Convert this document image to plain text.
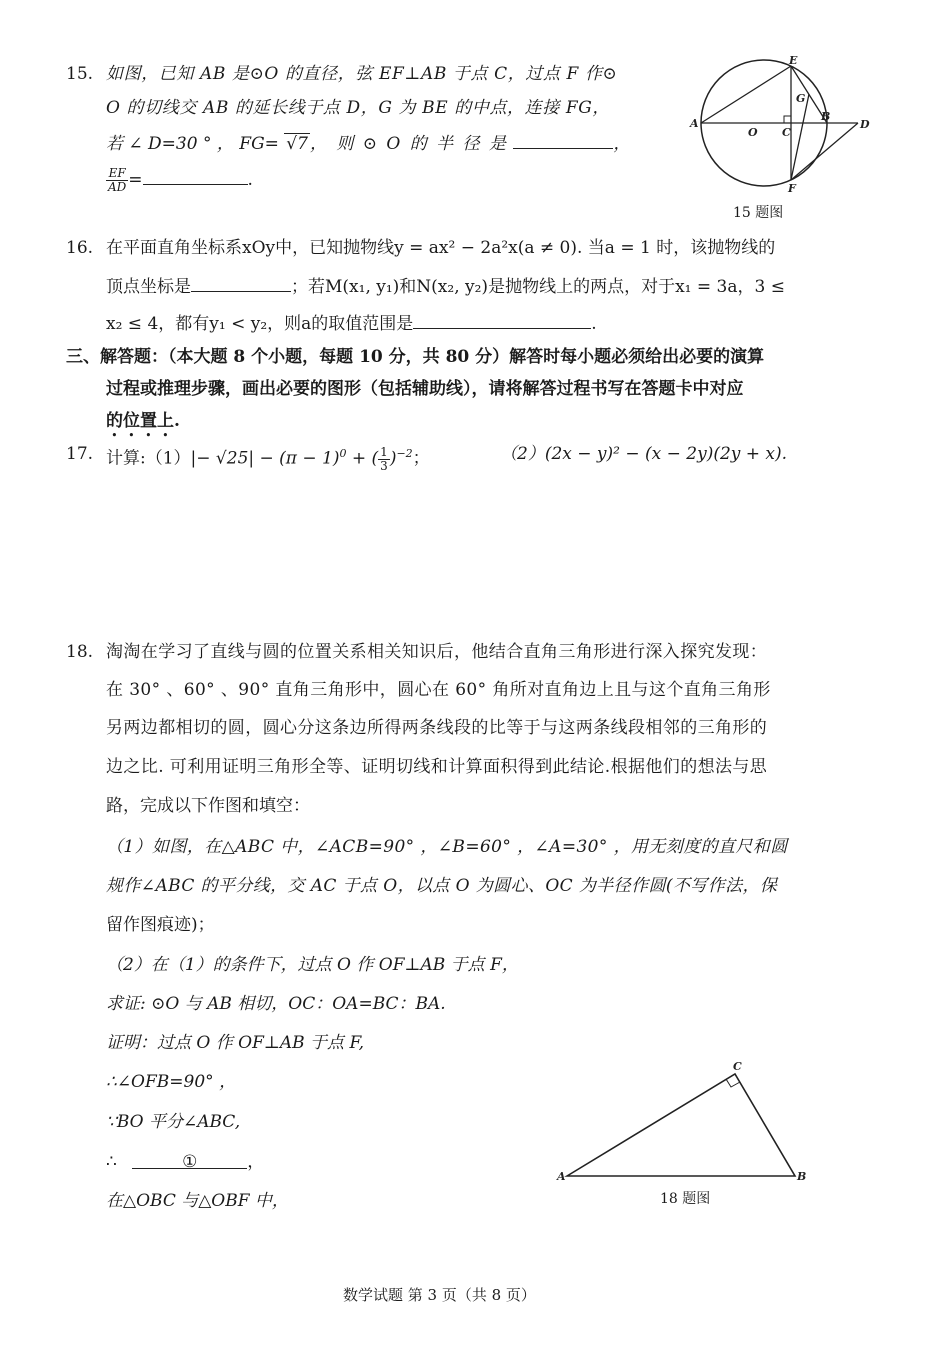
15. 如图，已知 AB 是⊙O 的直径，弦 EF⊥AB 于点 C，过点 F 作⊙
O 的切线交 AB 的延长线于点 D，G 为 BE 的中点，连接 FG，
若 ∠ D=30 ° ， FG= √7 ， 则 ⊙ O 的 半 径 是	，
$\frac{EF}{AD}$ =	.
A
O C
B
D
E
F
G
15 题图
16. 在平面直角坐标系xOy中，已知抛物线y = ax² − 2a²x(a ≠ 0). 当a = 1 时，该抛物线的
顶点坐标是	；若M(x₁, y₁)和N(x₂, y₂)是抛物线上的两点，对于x₁ = 3a，3 ≤
x₂ ≤ 4，都有y₁ < y₂，则a的取值范围是	.
三、解答题：（本大题 8 个小题，每题 10 分，共 80 分）解答时每小题必须给出必要的演算
过程或推理步骤，画出必要的图形（包括辅助线），请将解答过程书写在答题卡中对应
的位置上.
17. 计算:（1）|− $√25| - (\pi - 1)^0$ + ( $\frac{1}{3} )^{-2}$；	（2）(2x − y)² − (x − 2y)(2y + x).
18. 淘淘在学习了直线与圆的位置关系相关知识后，他结合直角三角形进行深入探究发现：
在 30° 、60° 、90° 直角三角形中，圆心在 60° 角所对直角边上且与这个直角三角形
另两边都相切的圆，圆心分这条边所得两条线段的比等于与这两条线段相邻的三角形的
边之比. 可利用证明三角形全等、证明切线和计算面积得到此结论.根据他们的想法与思
路，完成以下作图和填空：
（1）如图，在△ABC 中，∠ACB=90° ，∠B=60° ，∠A=30° ，用无刻度的直尺和圆
规作∠ABC 的平分线，交 AC 于点 O，以点 O 为圆心、OC 为半径作圆(不写作法，保
留作图痕迹)；
（2）在（1）的条件下，过点 O 作 OF⊥AB 于点 F，
求证: ⊙O 与 AB 相切，OC：OA=BC：BA.
证明：过点 O 作 OF⊥AB 于点 F,
∴∠OFB=90° ，
∵BO 平分∠ABC,
∴	①	，
在△OBC 与△OBF 中，
A	B
C
18 题图
数学试题 第 3 页（共 8 页）
